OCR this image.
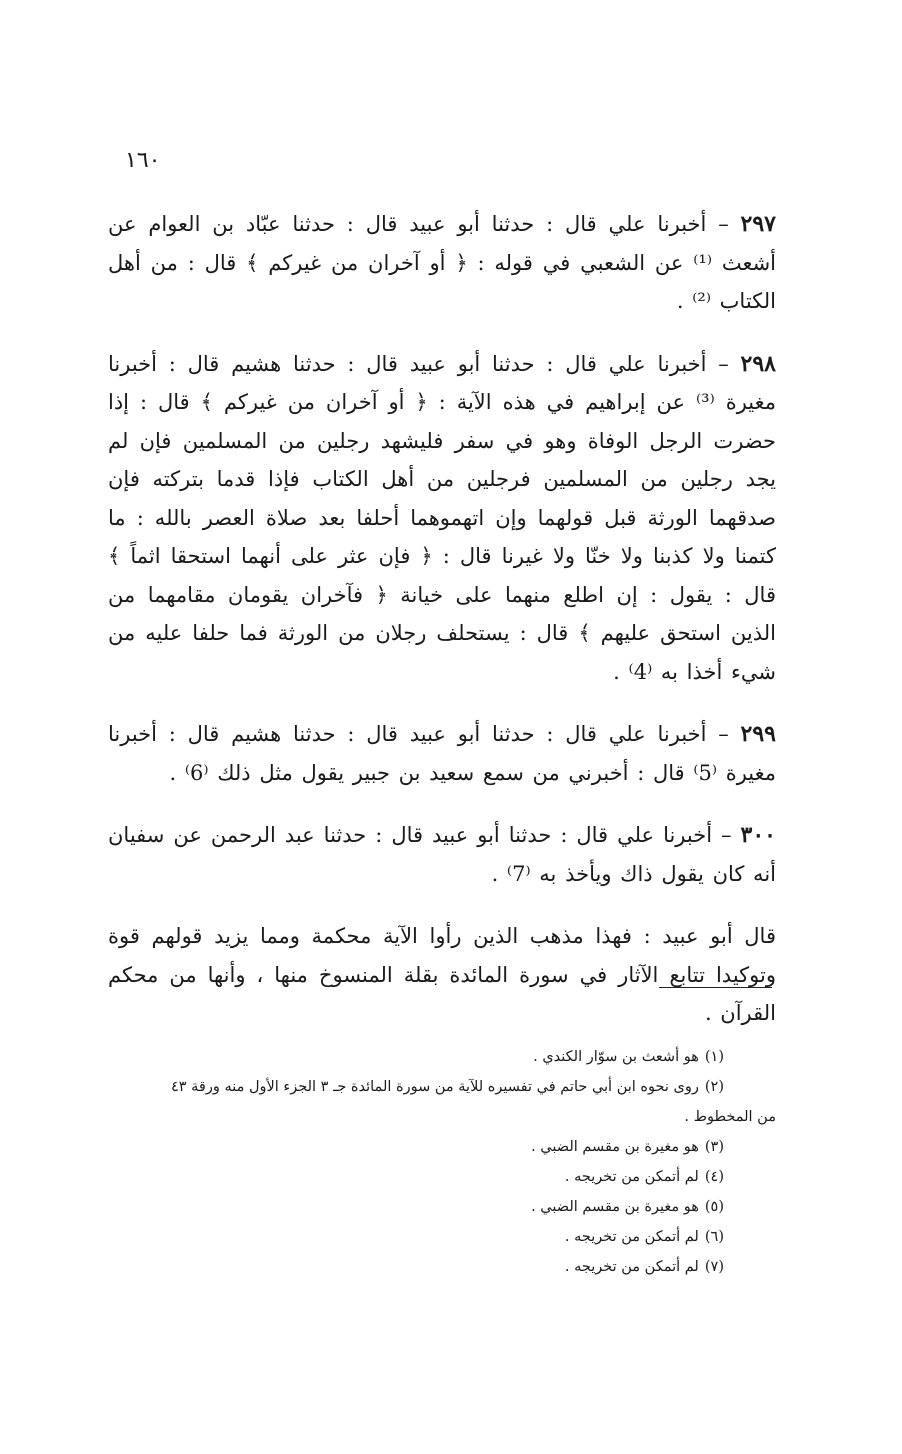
١٦٠

٢٩٧ – أخبرنا علي قال : حدثنا أبو عبيد قال : حدثنا عبّاد بن العوام عن أشعث ⁽¹⁾ عن الشعبي في قوله : ﴿ أو آخران من غيركم ﴾ قال : من أهل الكتاب ⁽²⁾ .

٢٩٨ – أخبرنا علي قال : حدثنا أبو عبيد قال : حدثنا هشيم قال : أخبرنا مغيرة ⁽³⁾ عن إبراهيم في هذه الآية : ﴿ أو آخران من غيركم ﴾ قال : إذا حضرت الرجل الوفاة وهو في سفر فليشهد رجلين من المسلمين فإن لم يجد رجلين من المسلمين فرجلين من أهل الكتاب فإذا قدما بتركته فإن صدقهما الورثة قبل قولهما وإن اتهموهما أحلفا بعد صلاة العصر بالله : ما كتمنا ولا كذبنا ولا خنّا ولا غيرنا قال : ﴿ فإن عثر على أنهما استحقا اثماً ﴾ قال : يقول : إن اطلع منهما على خيانة ﴿ فآخران يقومان مقامهما من الذين استحق عليهم ﴾ قال : يستحلف رجلان من الورثة فما حلفا عليه من شيء أخذا به ⁽4⁾ .

٢٩٩ – أخبرنا علي قال : حدثنا أبو عبيد قال : حدثنا هشيم قال : أخبرنا مغيرة ⁽5⁾ قال : أخبرني من سمع سعيد بن جبير يقول مثل ذلك ⁽6⁾ .

٣٠٠ – أخبرنا علي قال : حدثنا أبو عبيد قال : حدثنا عبد الرحمن عن سفيان أنه كان يقول ذاك ويأخذ به ⁽7⁾ .

قال أبو عبيد : فهذا مذهب الذين رأوا الآية محكمة ومما يزيد قولهم قوة وتوكيدا تتابع الآثار في سورة المائدة بقلة المنسوخ منها ، وأنها من محكم القرآن .

(١)هو أشعث بن سوّار الكندي .

(٢)روى نحوه ابن أبي حاتم في تفسيره للآية من سورة المائدة جـ ٣ الجزء الأول منه ورقة ٤٣

من المخطوط .

(٣)هو مغيرة بن مقسم الضبي .

(٤)لم أتمكن من تخريجه .

(٥)هو مغيرة بن مقسم الضبي .

(٦)لم أتمكن من تخريجه .

(٧)لم أتمكن من تخريجه .
